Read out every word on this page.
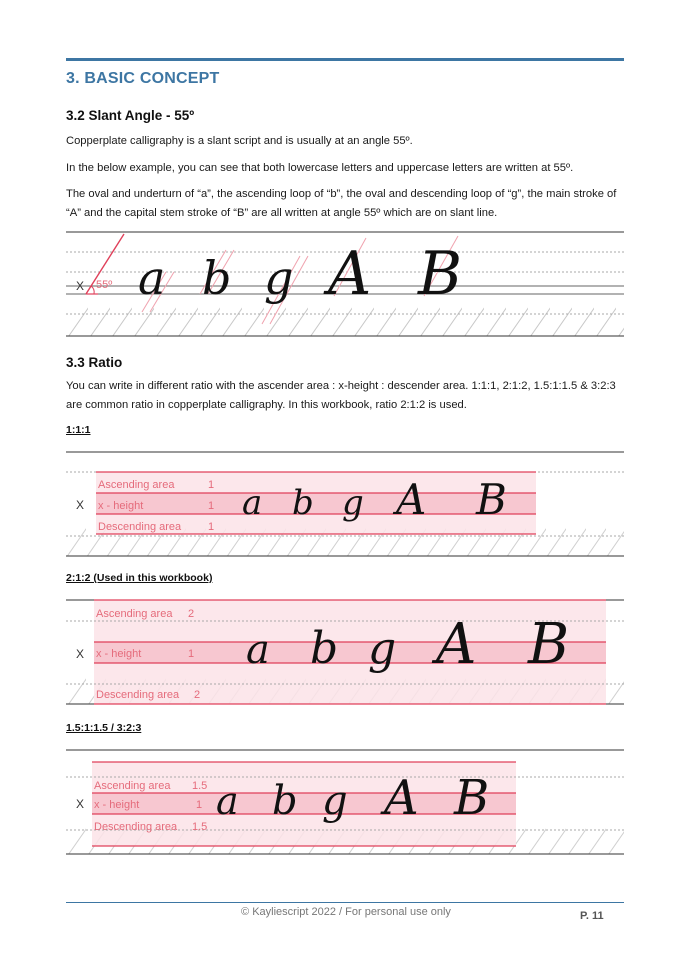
3. BASIC CONCEPT
3.2 Slant Angle - 55º
Copperplate calligraphy is a slant script and is usually at an angle 55º.
In the below example, you can see that both lowercase letters and uppercase letters are written at 55º.
The oval and underturn of “a”, the ascending loop of “b”, the oval and descending loop of “g”, the main stroke of “A” and the capital stem stroke of “B” are all written at angle 55º which are on slant line.
X 55º a b g A B
3.3 Ratio
You can write in different ratio with the ascender area : x-height : descender area. 1:1:1, 2:1:2, 1.5:1:1.5 & 3:2:3 are common ratio in copperplate calligraphy. In this workbook, ratio 2:1:2 is used.
1:1:1
X
Ascending area	1
x - height	1
Descending area 1
a b g A B
2:1:2 (Used in this workbook)
X
Ascending area 2
x - height	1
Descending area 2
a b g A B
1.5:1:1.5 / 3:2:3
X
Ascending area 1.5
x - height	1
Descending area 1.5
a b g A B
© Kayliescript 2022 / For personal use only	P. 11
